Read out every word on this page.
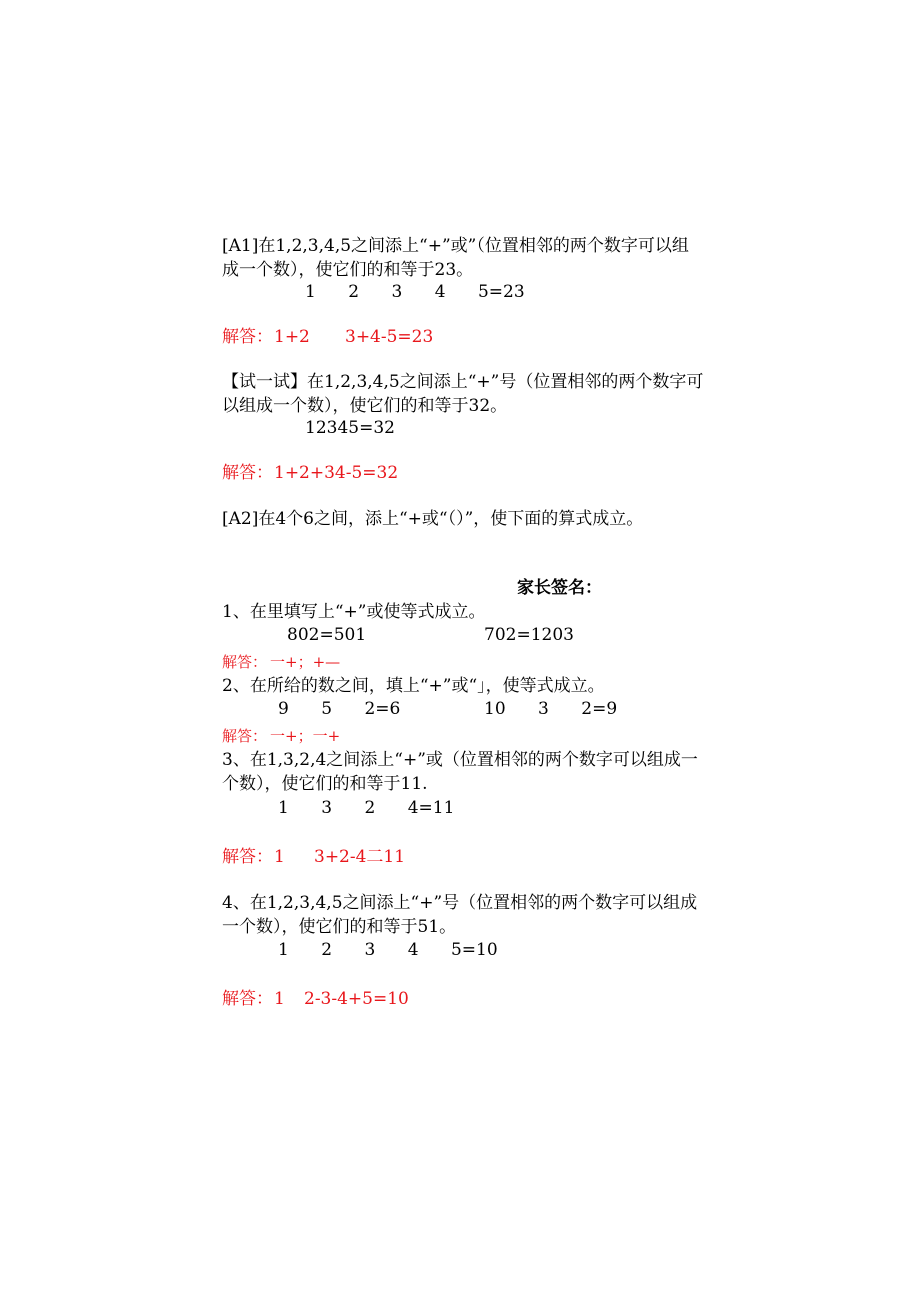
[A1]在1,2,3,4,5之间添上“+”或”（位置相邻的两个数字可以组
成一个数），使它们的和等于23。
1      2      3      4      5=23
解答： 1+2 3+4-5=23
【试一试】在1,2,3,4,5之间添上“+”号（位置相邻的两个数字可
以组成一个数），使它们的和等于32。
12345=32
解答： 1+2+34-5=32
[A2]在4个6之间，添上“+或“（）”，使下面的算式成立。
家长签名：
1、在里填写上“+”或使等式成立。
802=501	702=1203
解答： 一+；+—
2、在所给的数之间，填上“+”或“」，使等式成立。
9      5      2=6	10      3      2=9
解答： 一+；一+
3、在1,3,2,4之间添上“+”或（位置相邻的两个数字可以组成一
个数），使它们的和等于11.
1      3      2      4=11
解答： 1 3+2-4二11
4、在1,2,3,4,5之间添上“+”号（位置相邻的两个数字可以组成
一个数），使它们的和等于51。
1      2      3      4      5=10
解答： 1 2-3-4+5=10
